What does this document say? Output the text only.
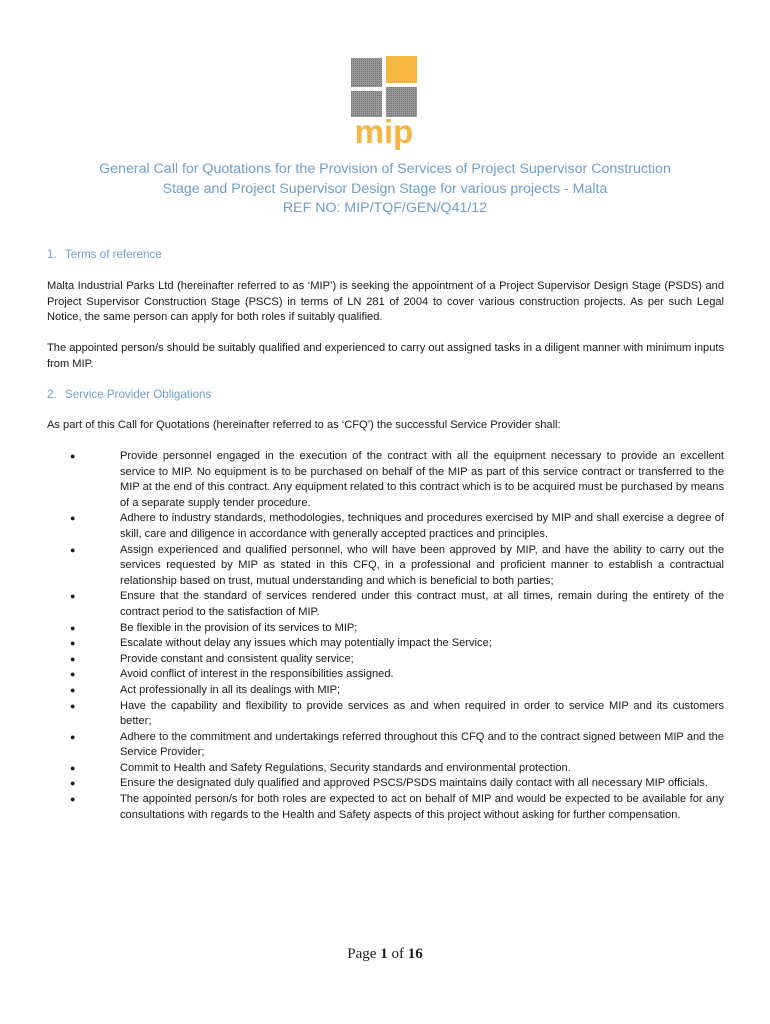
mip
General Call for Quotations for the Provision of Services of Project Supervisor Construction
Stage and Project Supervisor Design Stage for various projects - Malta
REF NO: MIP/TQF/GEN/Q41/12
1. Terms of reference

Malta Industrial Parks Ltd (hereinafter referred to as ‘MIP’) is seeking the appointment of a Project Supervisor Design Stage (PSDS) and Project Supervisor Construction Stage (PSCS) in terms of LN 281 of 2004 to cover various construction projects. As per such Legal Notice, the same person can apply for both roles if suitably qualified.

The appointed person/s should be suitably qualified and experienced to carry out assigned tasks in a diligent manner with minimum inputs from MIP.

2. Service Provider Obligations

As part of this Call for Quotations (hereinafter referred to as ‘CFQ’) the successful Service Provider shall:

●	Provide personnel engaged in the execution of the contract with all the equipment necessary to provide an excellent service to MIP. No equipment is to be purchased on behalf of the MIP as part of this service contract or transferred to the MIP at the end of this contract. Any equipment related to this contract which is to be acquired must be purchased by means of a separate supply tender procedure.
●	Adhere to industry standards, methodologies, techniques and procedures exercised by MIP and shall exercise a degree of skill, care and diligence in accordance with generally accepted practices and principles.
●	Assign experienced and qualified personnel, who will have been approved by MIP, and have the ability to carry out the services requested by MIP as stated in this CFQ, in a professional and proficient manner to establish a contractual relationship based on trust, mutual understanding and which is beneficial to both parties;
●	Ensure that the standard of services rendered under this contract must, at all times, remain during the entirety of the contract period to the satisfaction of MIP.
●	Be flexible in the provision of its services to MIP;
●	Escalate without delay any issues which may potentially impact the Service;
●	Provide constant and consistent quality service;
●	Avoid conflict of interest in the responsibilities assigned.
●	Act professionally in all its dealings with MIP;
●	Have the capability and flexibility to provide services as and when required in order to service MIP and its customers better;
●	Adhere to the commitment and undertakings referred throughout this CFQ and to the contract signed between MIP and the Service Provider;
●	Commit to Health and Safety Regulations, Security standards and environmental protection.
●	Ensure the designated duly qualified and approved PSCS/PSDS maintains daily contact with all necessary MIP officials.
●	The appointed person/s for both roles are expected to act on behalf of MIP and would be expected to be available for any consultations with regards to the Health and Safety aspects of this project without asking for further compensation.
Page 1 of 16
